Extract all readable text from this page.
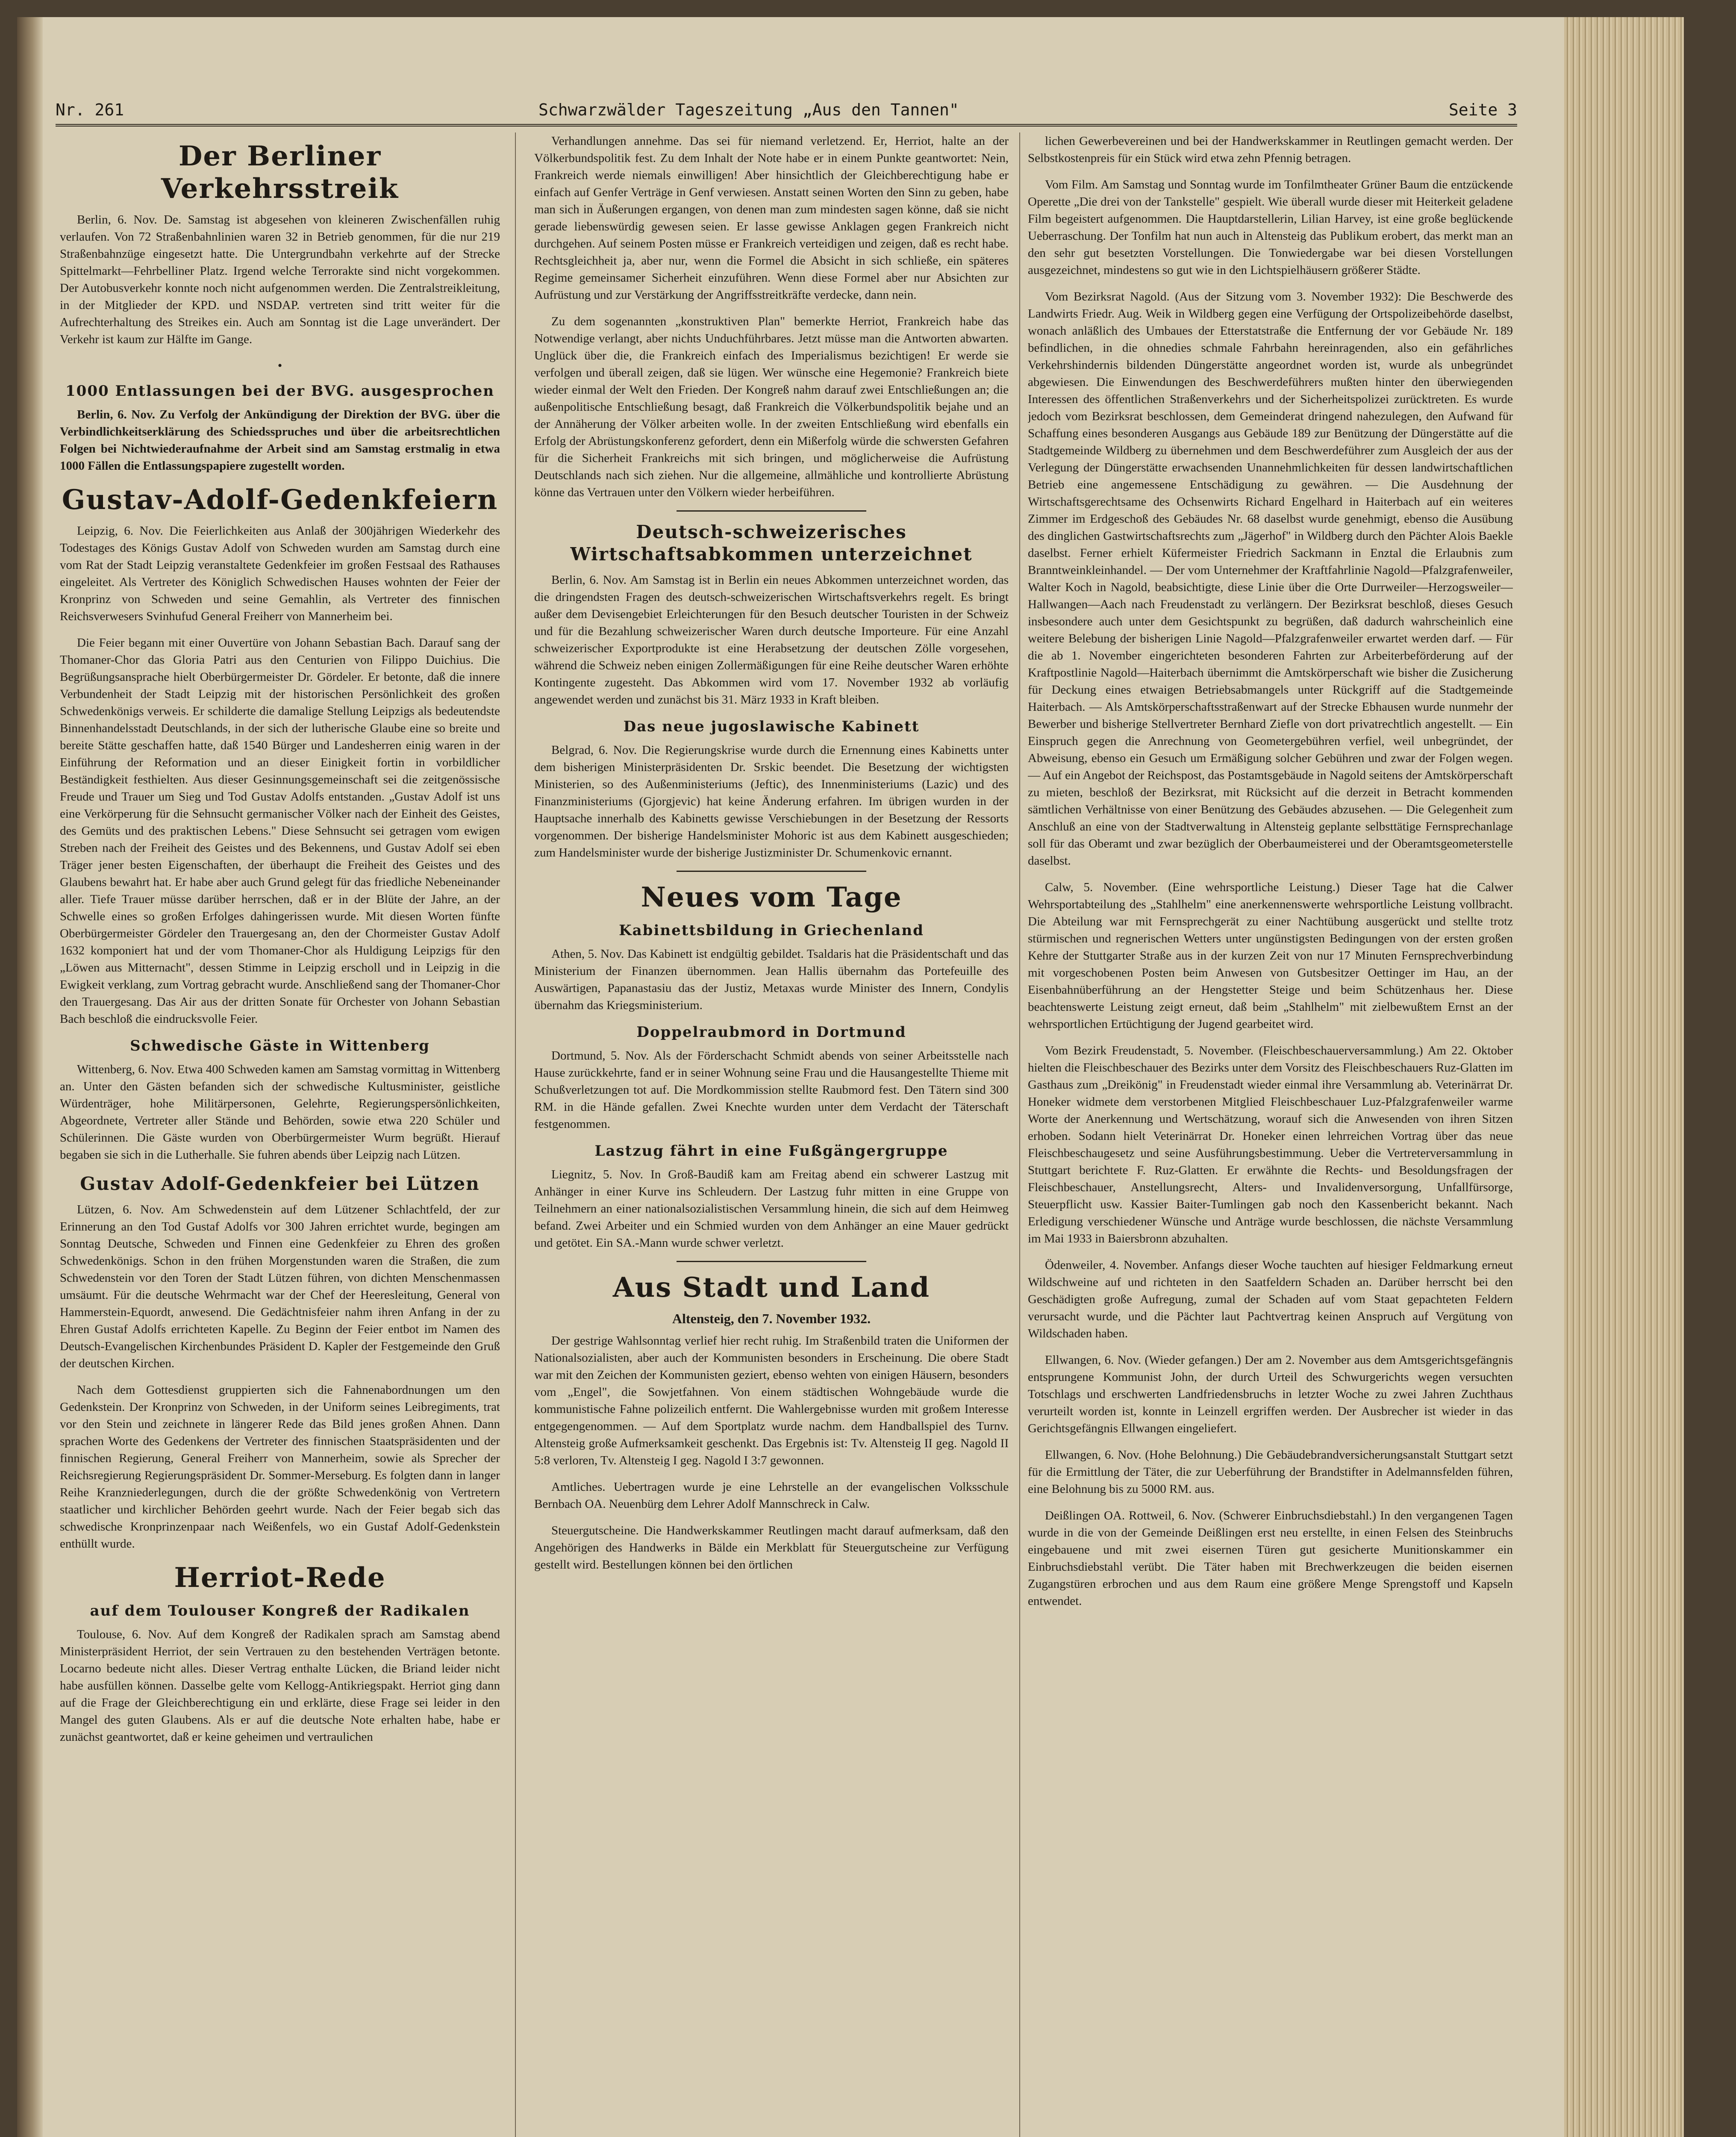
Nr. 261	Schwarzwälder Tageszeitung „Aus den Tannen"	Seite 3
Der Berliner Verkehrsstreik

Berlin, 6. Nov. De. Samstag ist abgesehen von kleineren Zwischenfällen ruhig verlaufen. Von 72 Straßenbahnlinien waren 32 in Betrieb genommen, für die nur 219 Straßenbahnzüge eingesetzt hatte. Die Untergrundbahn verkehrte auf der Strecke Spittelmarkt—Fehrbelliner Platz. Irgend welche Terrorakte sind nicht vorgekommen. Der Autobusverkehr konnte noch nicht aufgenommen werden. Die Zentralstreikleitung, in der Mitglieder der KPD. und NSDAP. vertreten sind tritt weiter für die Aufrechterhaltung des Streikes ein. Auch am Sonntag ist die Lage unverändert. Der Verkehr ist kaum zur Hälfte im Gange.

•
1000 Entlassungen bei der BVG. ausgesprochen

Berlin, 6. Nov. Zu Verfolg der Ankündigung der Direktion der BVG. über die Verbindlichkeitserklärung des Schiedsspruches und über die arbeitsrechtlichen Folgen bei Nichtwiederaufnahme der Arbeit sind am Samstag erstmalig in etwa 1000 Fällen die Entlassungspapiere zugestellt worden.

Gustav-Adolf-Gedenkfeiern

Leipzig, 6. Nov. Die Feierlichkeiten aus Anlaß der 300jährigen Wiederkehr des Todestages des Königs Gustav Adolf von Schweden wurden am Samstag durch eine vom Rat der Stadt Leipzig veranstaltete Gedenkfeier im großen Festsaal des Rathauses eingeleitet. Als Vertreter des Königlich Schwedischen Hauses wohnten der Feier der Kronprinz von Schweden und seine Gemahlin, als Vertreter des finnischen Reichsverwesers Svinhufud General Freiherr von Mannerheim bei.

Die Feier begann mit einer Ouvertüre von Johann Sebastian Bach. Darauf sang der Thomaner-Chor das Gloria Patri aus den Centurien von Filippo Duichius. Die Begrüßungsansprache hielt Oberbürgermeister Dr. Gördeler. Er betonte, daß die innere Verbundenheit der Stadt Leipzig mit der historischen Persönlichkeit des großen Schwedenkönigs verweis. Er schilderte die damalige Stellung Leipzigs als bedeutendste Binnenhandelsstadt Deutschlands, in der sich der lutherische Glaube eine so breite und bereite Stätte geschaffen hatte, daß 1540 Bürger und Landesherren einig waren in der Einführung der Reformation und an dieser Einigkeit fortin in vorbildlicher Beständigkeit festhielten. Aus dieser Gesinnungsgemeinschaft sei die zeitgenössische Freude und Trauer um Sieg und Tod Gustav Adolfs entstanden. „Gustav Adolf ist uns eine Verkörperung für die Sehnsucht germanischer Völker nach der Einheit des Geistes, des Gemüts und des praktischen Lebens." Diese Sehnsucht sei getragen vom ewigen Streben nach der Freiheit des Geistes und des Bekennens, und Gustav Adolf sei eben Träger jener besten Eigenschaften, der überhaupt die Freiheit des Geistes und des Glaubens bewahrt hat. Er habe aber auch Grund gelegt für das friedliche Nebeneinander aller. Tiefe Trauer müsse darüber herrschen, daß er in der Blüte der Jahre, an der Schwelle eines so großen Erfolges dahingerissen wurde. Mit diesen Worten fünfte Oberbürgermeister Gördeler den Trauergesang an, den der Chormeister Gustav Adolf 1632 komponiert hat und der vom Thomaner-Chor als Huldigung Leipzigs für den „Löwen aus Mitternacht", dessen Stimme in Leipzig erscholl und in Leipzig in die Ewigkeit verklang, zum Vortrag gebracht wurde. Anschließend sang der Thomaner-Chor den Trauergesang. Das Air aus der dritten Sonate für Orchester von Johann Sebastian Bach beschloß die eindrucksvolle Feier.

Schwedische Gäste in Wittenberg

Wittenberg, 6. Nov. Etwa 400 Schweden kamen am Samstag vormittag in Wittenberg an. Unter den Gästen befanden sich der schwedische Kultusminister, geistliche Würdenträger, hohe Militärpersonen, Gelehrte, Regierungspersönlichkeiten, Abgeordnete, Vertreter aller Stände und Behörden, sowie etwa 220 Schüler und Schülerinnen. Die Gäste wurden von Oberbürgermeister Wurm begrüßt. Hierauf begaben sie sich in die Lutherhalle. Sie fuhren abends über Leipzig nach Lützen.

Gustav Adolf-Gedenkfeier bei Lützen

Lützen, 6. Nov. Am Schwedenstein auf dem Lützener Schlachtfeld, der zur Erinnerung an den Tod Gustaf Adolfs vor 300 Jahren errichtet wurde, begingen am Sonntag Deutsche, Schweden und Finnen eine Gedenkfeier zu Ehren des großen Schwedenkönigs. Schon in den frühen Morgenstunden waren die Straßen, die zum Schwedenstein vor den Toren der Stadt Lützen führen, von dichten Menschenmassen umsäumt. Für die deutsche Wehrmacht war der Chef der Heeresleitung, General von Hammerstein-Equordt, anwesend. Die Gedächtnisfeier nahm ihren Anfang in der zu Ehren Gustaf Adolfs errichteten Kapelle. Zu Beginn der Feier entbot im Namen des Deutsch-Evangelischen Kirchenbundes Präsident D. Kapler der Festgemeinde den Gruß der deutschen Kirchen.

Nach dem Gottesdienst gruppierten sich die Fahnenabordnungen um den Gedenkstein. Der Kronprinz von Schweden, in der Uniform seines Leibregiments, trat vor den Stein und zeichnete in längerer Rede das Bild jenes großen Ahnen. Dann sprachen Worte des Gedenkens der Vertreter des finnischen Staatspräsidenten und der finnischen Regierung, General Freiherr von Mannerheim, sowie als Sprecher der Reichsregierung Regierungspräsident Dr. Sommer-Merseburg. Es folgten dann in langer Reihe Kranzniederlegungen, durch die der größte Schwedenkönig von Vertretern staatlicher und kirchlicher Behörden geehrt wurde. Nach der Feier begab sich das schwedische Kronprinzenpaar nach Weißenfels, wo ein Gustaf Adolf-Gedenkstein enthüllt wurde.

Herriot-Rede
auf dem Toulouser Kongreß der Radikalen

Toulouse, 6. Nov. Auf dem Kongreß der Radikalen sprach am Samstag abend Ministerpräsident Herriot, der sein Vertrauen zu den bestehenden Verträgen betonte. Locarno bedeute nicht alles. Dieser Vertrag enthalte Lücken, die Briand leider nicht habe ausfüllen können. Dasselbe gelte vom Kellogg-Antikriegspakt. Herriot ging dann auf die Frage der Gleichberechtigung ein und erklärte, diese Frage sei leider in den Mangel des guten Glaubens. Als er auf die deutsche Note erhalten habe, habe er zunächst geantwortet, daß er keine geheimen und vertraulichen

Verhandlungen annehme. Das sei für niemand verletzend. Er, Herriot, halte an der Völkerbundspolitik fest. Zu dem Inhalt der Note habe er in einem Punkte geantwortet: Nein, Frankreich werde niemals einwilligen! Aber hinsichtlich der Gleichberechtigung habe er einfach auf Genfer Verträge in Genf verwiesen. Anstatt seinen Worten den Sinn zu geben, habe man sich in Äußerungen ergangen, von denen man zum mindesten sagen könne, daß sie nicht gerade liebenswürdig gewesen seien. Er lasse gewisse Anklagen gegen Frankreich nicht durchgehen. Auf seinem Posten müsse er Frankreich verteidigen und zeigen, daß es recht habe. Rechtsgleichheit ja, aber nur, wenn die Formel die Absicht in sich schließe, ein späteres Regime gemeinsamer Sicherheit einzuführen. Wenn diese Formel aber nur Absichten zur Aufrüstung und zur Verstärkung der Angriffsstreitkräfte verdecke, dann nein.

Zu dem sogenannten „konstruktiven Plan" bemerkte Herriot, Frankreich habe das Notwendige verlangt, aber nichts Unduchführbares. Jetzt müsse man die Antworten abwarten. Unglück über die, die Frankreich einfach des Imperialismus bezichtigen! Er werde sie verfolgen und überall zeigen, daß sie lügen. Wer wünsche eine Hegemonie? Frankreich biete wieder einmal der Welt den Frieden. Der Kongreß nahm darauf zwei Entschließungen an; die außenpolitische Entschließung besagt, daß Frankreich die Völkerbundspolitik bejahe und an der Annäherung der Völker arbeiten wolle. In der zweiten Entschließung wird ebenfalls ein Erfolg der Abrüstungskonferenz gefordert, denn ein Mißerfolg würde die schwersten Gefahren für die Sicherheit Frankreichs mit sich bringen, und möglicherweise die Aufrüstung Deutschlands nach sich ziehen. Nur die allgemeine, allmähliche und kontrollierte Abrüstung könne das Vertrauen unter den Völkern wieder herbeiführen.

Deutsch-schweizerisches Wirtschaftsabkommen unterzeichnet

Berlin, 6. Nov. Am Samstag ist in Berlin ein neues Abkommen unterzeichnet worden, das die dringendsten Fragen des deutsch-schweizerischen Wirtschaftsverkehrs regelt. Es bringt außer dem Devisengebiet Erleichterungen für den Besuch deutscher Touristen in der Schweiz und für die Bezahlung schweizerischer Waren durch deutsche Importeure. Für eine Anzahl schweizerischer Exportprodukte ist eine Herabsetzung der deutschen Zölle vorgesehen, während die Schweiz neben einigen Zollermäßigungen für eine Reihe deutscher Waren erhöhte Kontingente zugesteht. Das Abkommen wird vom 17. November 1932 ab vorläufig angewendet werden und zunächst bis 31. März 1933 in Kraft bleiben.

Das neue jugoslawische Kabinett

Belgrad, 6. Nov. Die Regierungskrise wurde durch die Ernennung eines Kabinetts unter dem bisherigen Ministerpräsidenten Dr. Srskic beendet. Die Besetzung der wichtigsten Ministerien, so des Außenministeriums (Jeftic), des Innenministeriums (Lazic) und des Finanzministeriums (Gjorgjevic) hat keine Änderung erfahren. Im übrigen wurden in der Hauptsache innerhalb des Kabinetts gewisse Verschiebungen in der Besetzung der Ressorts vorgenommen. Der bisherige Handelsminister Mohoric ist aus dem Kabinett ausgeschieden; zum Handelsminister wurde der bisherige Justizminister Dr. Schumenkovic ernannt.

Neues vom Tage
Kabinettsbildung in Griechenland

Athen, 5. Nov. Das Kabinett ist endgültig gebildet. Tsaldaris hat die Präsidentschaft und das Ministerium der Finanzen übernommen. Jean Hallis übernahm das Portefeuille des Auswärtigen, Papanastasiu das der Justiz, Metaxas wurde Minister des Innern, Condylis übernahm das Kriegsministerium.

Doppelraubmord in Dortmund

Dortmund, 5. Nov. Als der Förderschacht Schmidt abends von seiner Arbeitsstelle nach Hause zurückkehrte, fand er in seiner Wohnung seine Frau und die Hausangestellte Thieme mit Schußverletzungen tot auf. Die Mordkommission stellte Raubmord fest. Den Tätern sind 300 RM. in die Hände gefallen. Zwei Knechte wurden unter dem Verdacht der Täterschaft festgenommen.

Lastzug fährt in eine Fußgängergruppe

Liegnitz, 5. Nov. In Groß-Baudiß kam am Freitag abend ein schwerer Lastzug mit Anhänger in einer Kurve ins Schleudern. Der Lastzug fuhr mitten in eine Gruppe von Teilnehmern an einer nationalsozialistischen Versammlung hinein, die sich auf dem Heimweg befand. Zwei Arbeiter und ein Schmied wurden von dem Anhänger an eine Mauer gedrückt und getötet. Ein SA.-Mann wurde schwer verletzt.

Aus Stadt und Land
Altensteig, den 7. November 1932.

Der gestrige Wahlsonntag verlief hier recht ruhig. Im Straßenbild traten die Uniformen der Nationalsozialisten, aber auch der Kommunisten besonders in Erscheinung. Die obere Stadt war mit den Zeichen der Kommunisten geziert, ebenso wehten von einigen Häusern, besonders vom „Engel", die Sowjetfahnen. Von einem städtischen Wohngebäude wurde die kommunistische Fahne polizeilich entfernt. Die Wahlergebnisse wurden mit großem Interesse entgegengenommen. — Auf dem Sportplatz wurde nachm. dem Handballspiel des Turnv. Altensteig große Aufmerksamkeit geschenkt. Das Ergebnis ist: Tv. Altensteig II geg. Nagold II 5:8 verloren, Tv. Altensteig I geg. Nagold I 3:7 gewonnen.

Amtliches. Uebertragen wurde je eine Lehrstelle an der evangelischen Volksschule Bernbach OA. Neuenbürg dem Lehrer Adolf Mannschreck in Calw.

Steuergutscheine. Die Handwerkskammer Reutlingen macht darauf aufmerksam, daß den Angehörigen des Handwerks in Bälde ein Merkblatt für Steuergutscheine zur Verfügung gestellt wird. Bestellungen können bei den örtlichen

lichen Gewerbevereinen und bei der Handwerkskammer in Reutlingen gemacht werden. Der Selbstkostenpreis für ein Stück wird etwa zehn Pfennig betragen.

Vom Film. Am Samstag und Sonntag wurde im Tonfilmtheater Grüner Baum die entzückende Operette „Die drei von der Tankstelle" gespielt. Wie überall wurde dieser mit Heiterkeit geladene Film begeistert aufgenommen. Die Hauptdarstellerin, Lilian Harvey, ist eine große beglückende Ueberraschung. Der Tonfilm hat nun auch in Altensteig das Publikum erobert, das merkt man an den sehr gut besetzten Vorstellungen. Die Tonwiedergabe war bei diesen Vorstellungen ausgezeichnet, mindestens so gut wie in den Lichtspielhäusern größerer Städte.

Vom Bezirksrat Nagold. (Aus der Sitzung vom 3. November 1932): Die Beschwerde des Landwirts Friedr. Aug. Weik in Wildberg gegen eine Verfügung der Ortspolizeibehörde daselbst, wonach anläßlich des Umbaues der Etterstatstraße die Entfernung der vor Gebäude Nr. 189 befindlichen, in die ohnedies schmale Fahrbahn hereinragenden, also ein gefährliches Verkehrshindernis bildenden Düngerstätte angeordnet worden ist, wurde als unbegründet abgewiesen. Die Einwendungen des Beschwerdeführers mußten hinter den überwiegenden Interessen des öffentlichen Straßenverkehrs und der Sicherheitspolizei zurücktreten. Es wurde jedoch vom Bezirksrat beschlossen, dem Gemeinderat dringend nahezulegen, den Aufwand für Schaffung eines besonderen Ausgangs aus Gebäude 189 zur Benützung der Düngerstätte auf die Stadtgemeinde Wildberg zu übernehmen und dem Beschwerdeführer zum Ausgleich der aus der Verlegung der Düngerstätte erwachsenden Unannehmlichkeiten für dessen landwirtschaftlichen Betrieb eine angemessene Entschädigung zu gewähren. — Die Ausdehnung der Wirtschaftsgerechtsame des Ochsenwirts Richard Engelhard in Haiterbach auf ein weiteres Zimmer im Erdgeschoß des Gebäudes Nr. 68 daselbst wurde genehmigt, ebenso die Ausübung des dinglichen Gastwirtschaftsrechts zum „Jägerhof" in Wildberg durch den Pächter Alois Baekle daselbst. Ferner erhielt Küfermeister Friedrich Sackmann in Enztal die Erlaubnis zum Branntweinkleinhandel. — Der vom Unternehmer der Kraftfahrlinie Nagold—Pfalzgrafenweiler, Walter Koch in Nagold, beabsichtigte, diese Linie über die Orte Durrweiler—Herzogsweiler—Hallwangen—Aach nach Freudenstadt zu verlängern. Der Bezirksrat beschloß, dieses Gesuch insbesondere auch unter dem Gesichtspunkt zu begrüßen, daß dadurch wahrscheinlich eine weitere Belebung der bisherigen Linie Nagold—Pfalzgrafenweiler erwartet werden darf. — Für die ab 1. November eingerichteten besonderen Fahrten zur Arbeiterbeförderung auf der Kraftpostlinie Nagold—Haiterbach übernimmt die Amtskörperschaft wie bisher die Zusicherung für Deckung eines etwaigen Betriebsabmangels unter Rückgriff auf die Stadtgemeinde Haiterbach. — Als Amtskörperschaftsstraßenwart auf der Strecke Ebhausen wurde nunmehr der Bewerber und bisherige Stellvertreter Bernhard Ziefle von dort privatrechtlich angestellt. — Ein Einspruch gegen die Anrechnung von Geometergebühren verfiel, weil unbegründet, der Abweisung, ebenso ein Gesuch um Ermäßigung solcher Gebühren und zwar der Folgen wegen. — Auf ein Angebot der Reichspost, das Postamtsgebäude in Nagold seitens der Amtskörperschaft zu mieten, beschloß der Bezirksrat, mit Rücksicht auf die derzeit in Betracht kommenden sämtlichen Verhältnisse von einer Benützung des Gebäudes abzusehen. — Die Gelegenheit zum Anschluß an eine von der Stadtverwaltung in Altensteig geplante selbsttätige Fernsprechanlage soll für das Oberamt und zwar bezüglich der Oberbaumeisterei und der Oberamtsgeometerstelle daselbst.

Calw, 5. November. (Eine wehrsportliche Leistung.) Dieser Tage hat die Calwer Wehrsportabteilung des „Stahlhelm" eine anerkennenswerte wehrsportliche Leistung vollbracht. Die Abteilung war mit Fernsprechgerät zu einer Nachtübung ausgerückt und stellte trotz stürmischen und regnerischen Wetters unter ungünstigsten Bedingungen von der ersten großen Kehre der Stuttgarter Straße aus in der kurzen Zeit von nur 17 Minuten Fernsprechverbindung mit vorgeschobenen Posten beim Anwesen von Gutsbesitzer Oettinger im Hau, an der Eisenbahnüberführung an der Hengstetter Steige und beim Schützenhaus her. Diese beachtenswerte Leistung zeigt erneut, daß beim „Stahlhelm" mit zielbewußtem Ernst an der wehrsportlichen Ertüchtigung der Jugend gearbeitet wird.

Vom Bezirk Freudenstadt, 5. November. (Fleischbeschauerversammlung.) Am 22. Oktober hielten die Fleischbeschauer des Bezirks unter dem Vorsitz des Fleischbeschauers Ruz-Glatten im Gasthaus zum „Dreikönig" in Freudenstadt wieder einmal ihre Versammlung ab. Veterinärrat Dr. Honeker widmete dem verstorbenen Mitglied Fleischbeschauer Luz-Pfalzgrafenweiler warme Worte der Anerkennung und Wertschätzung, worauf sich die Anwesenden von ihren Sitzen erhoben. Sodann hielt Veterinärrat Dr. Honeker einen lehrreichen Vortrag über das neue Fleischbeschaugesetz und seine Ausführungsbestimmung. Ueber die Vertreterversammlung in Stuttgart berichtete F. Ruz-Glatten. Er erwähnte die Rechts- und Besoldungsfragen der Fleischbeschauer, Anstellungsrecht, Alters- und Invalidenversorgung, Unfallfürsorge, Steuerpflicht usw. Kassier Baiter-Tumlingen gab noch den Kassenbericht bekannt. Nach Erledigung verschiedener Wünsche und Anträge wurde beschlossen, die nächste Versammlung im Mai 1933 in Baiersbronn abzuhalten.

Ödenweiler, 4. November. Anfangs dieser Woche tauchten auf hiesiger Feldmarkung erneut Wildschweine auf und richteten in den Saatfeldern Schaden an. Darüber herrscht bei den Geschädigten große Aufregung, zumal der Schaden auf vom Staat gepachteten Feldern verursacht wurde, und die Pächter laut Pachtvertrag keinen Anspruch auf Vergütung von Wildschaden haben.

Ellwangen, 6. Nov. (Wieder gefangen.) Der am 2. November aus dem Amtsgerichtsgefängnis entsprungene Kommunist John, der durch Urteil des Schwurgerichts wegen versuchten Totschlags und erschwerten Landfriedensbruchs in letzter Woche zu zwei Jahren Zuchthaus verurteilt worden ist, konnte in Leinzell ergriffen werden. Der Ausbrecher ist wieder in das Gerichtsgefängnis Ellwangen eingeliefert.

Ellwangen, 6. Nov. (Hohe Belohnung.) Die Gebäudebrandversicherungsanstalt Stuttgart setzt für die Ermittlung der Täter, die zur Ueberführung der Brandstifter in Adelmannsfelden führen, eine Belohnung bis zu 5000 RM. aus.

Deißlingen OA. Rottweil, 6. Nov. (Schwerer Einbruchsdiebstahl.) In den vergangenen Tagen wurde in die von der Gemeinde Deißlingen erst neu erstellte, in einen Felsen des Steinbruchs eingebauene und mit zwei eisernen Türen gut gesicherte Munitionskammer ein Einbruchsdiebstahl verübt. Die Täter haben mit Brechwerkzeugen die beiden eisernen Zugangstüren erbrochen und aus dem Raum eine größere Menge Sprengstoff und Kapseln entwendet.
